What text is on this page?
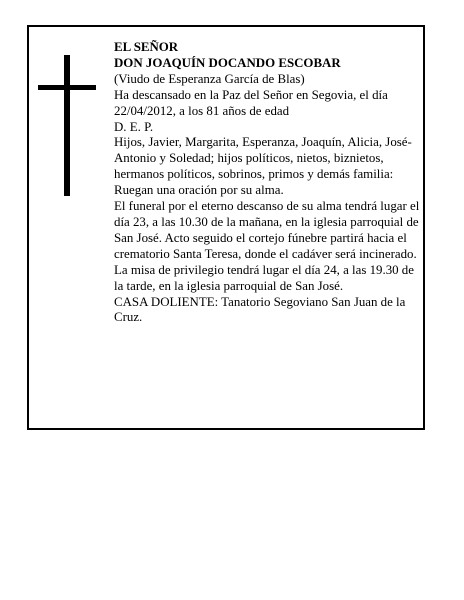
EL SEÑOR

DON JOAQUÍN DOCANDO ESCOBAR

(Viudo de Esperanza García de Blas)

Ha descansado en la Paz del Señor en Segovia, el día 22/04/2012, a los 81 años de edad

D. E. P.

Hijos, Javier, Margarita, Esperanza, Joaquín, Alicia, José-Antonio y Soledad; hijos políticos, nietos, biznietos, hermanos políticos, sobrinos, primos y demás familia:

Ruegan una oración por su alma.

El funeral por el eterno descanso de su alma tendrá lugar el día 23, a las 10.30 de la mañana, en la iglesia parroquial de San José. Acto seguido el cortejo fúnebre partirá hacia el crematorio Santa Teresa, donde el cadáver será incinerado.

La misa de privilegio tendrá lugar el día 24, a las 19.30 de la tarde, en la iglesia parroquial de San José.

CASA DOLIENTE: Tanatorio Segoviano San Juan de la Cruz.
